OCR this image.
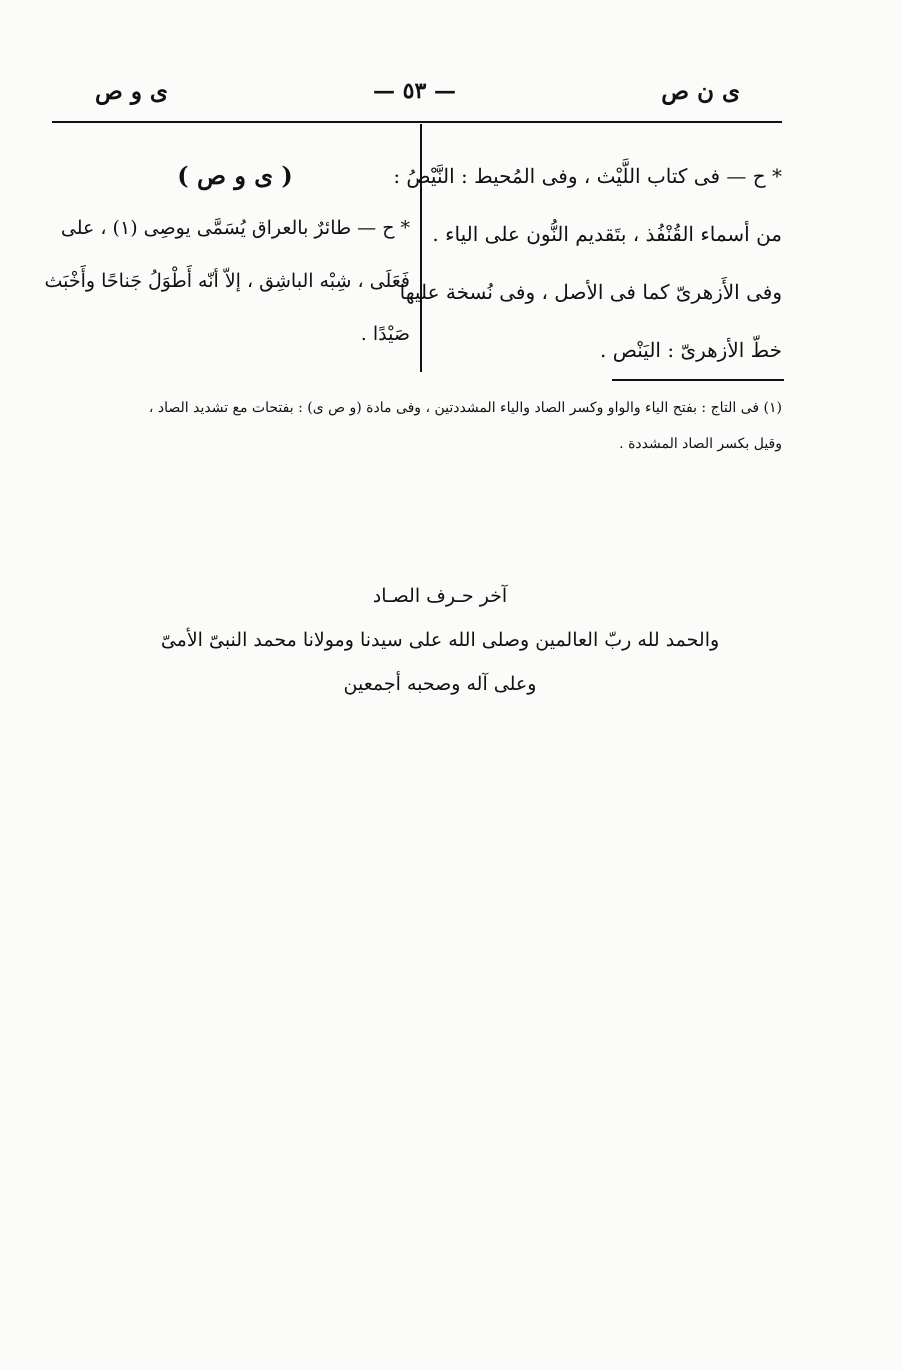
ى ن ص
— ٥٣ —
ى و ص
* ح — فى كتاب اللَّيْث ، وفى المُحيط : النَّيْصُ :
من أسماء القُنْفُذ ، بتَقديم النُّون على الياء .
وفى الأَزهرىّ كما فى الأصل ، وفى نُسخة عليها
خطّ الأزهرىّ : اليَنْص .
( ى و ص )
* ح — طائرٌ بالعراق يُسَمَّى يوصِى (١) ، على
فَعَلَى ، شِبْه الباشِق ، إلاّ أنّه أَطْوَلُ جَناحًا وأَخْبَث
صَيْدًا .
(١) فى التاج : بفتح الياء والواو وكسر الصاد والياء المشددتين ، وفى مادة (و ص ى) : بفتحات مع تشديد الصاد ،
وقيل بكسر الصاد المشددة .
آخر حـرف الصـاد
والحمد لله ربّ العالمين وصلى الله على سيدنا ومولانا محمد النبىّ الأمىّ
وعلى آله وصحبه أجمعين
